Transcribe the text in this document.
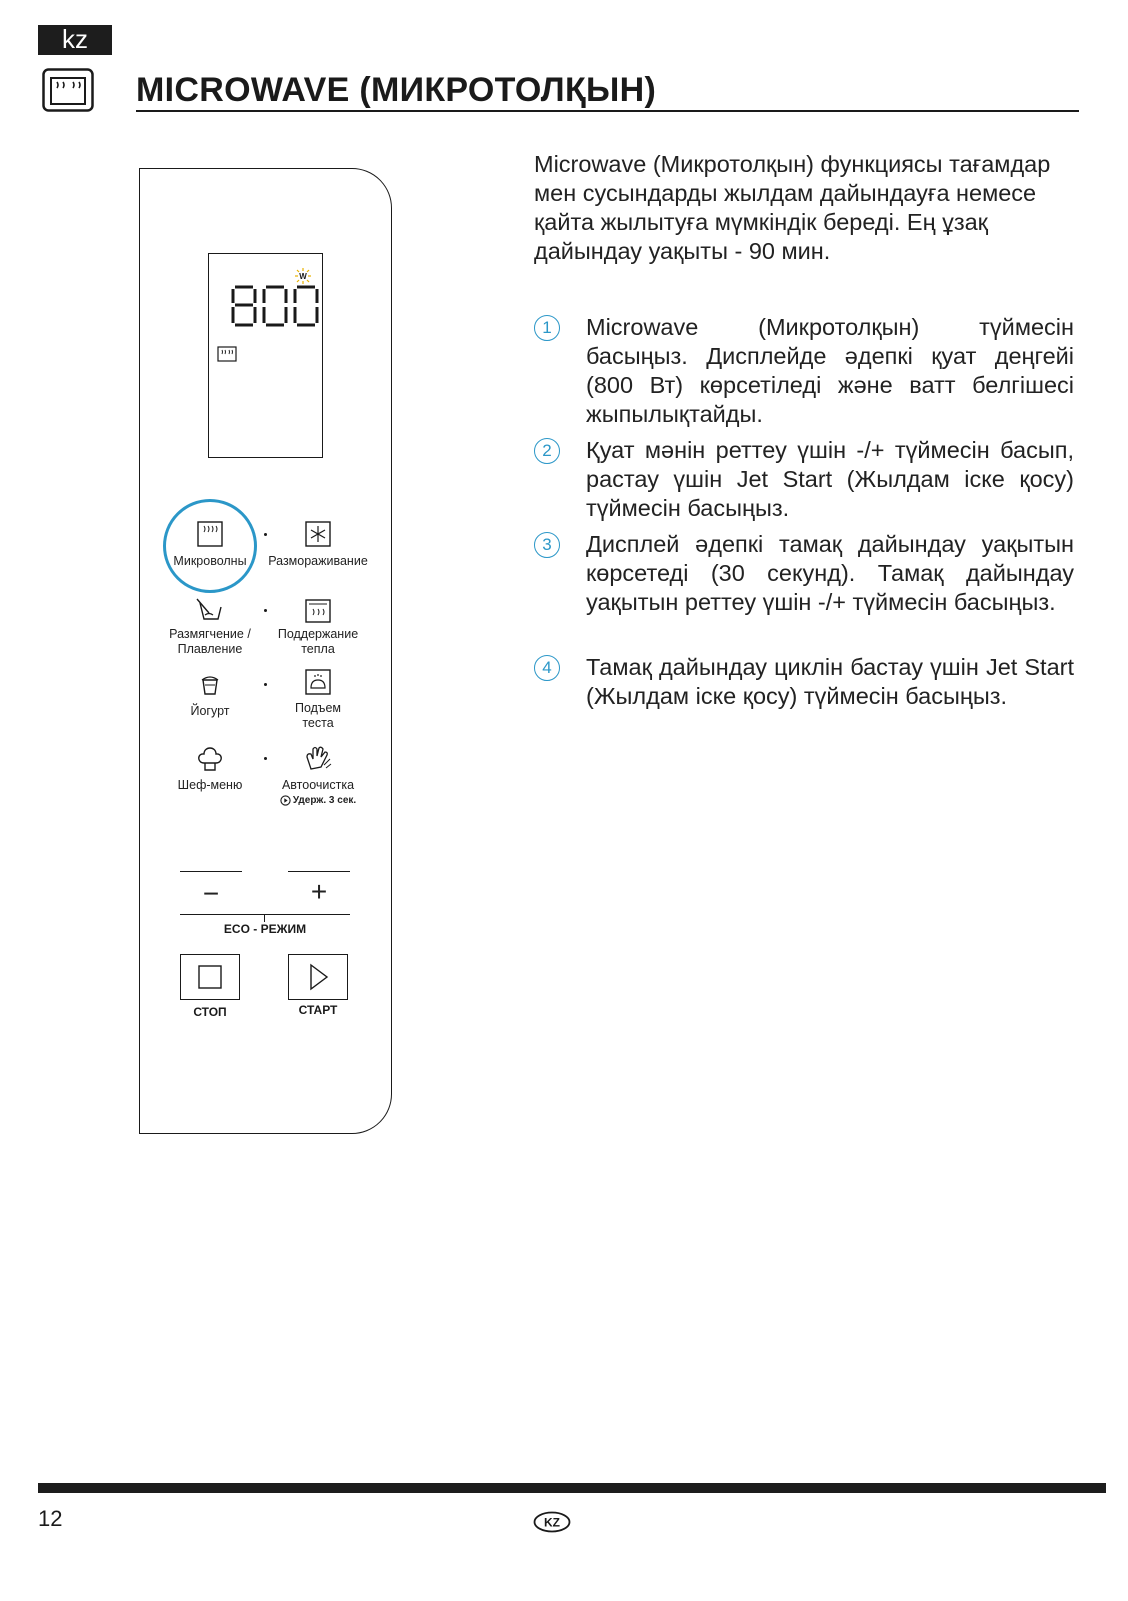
kz
MICROWAVE (МИКРОТОЛҚЫН)
W
Микроволны	Размораживание
Размягчение /
Плавление
Поддержание
тепла
Йогурт	Подъем
теста
Шеф-меню	Автоочистка
Удерж. 3 сек.
−	+
ECO - РЕЖИМ
СТОП	СТАРТ

Microwave (Микротолқын) функциясы тағамдар мен сусындарды жылдам дайындауға немесе қайта жылытуға мүмкіндік береді. Ең ұзақ дайындау уақыты - 90 мин.

1	Microwave (Микротолқын) түймесін басыңыз. Дисплейде әдепкі қуат деңгейі (800 Вт) көрсетіледі және ватт белгішесі жыпылықтайды.

2	Қуат мәнін реттеу үшін -/+ түймесін басып, растау үшін Jet Start (Жылдам іске қосу) түймесін басыңыз.

3	Дисплей әдепкі тамақ дайындау уақытын көрсетеді (30 секунд). Тамақ дайындау уақытын реттеу үшін -/+ түймесін басыңыз.

4	Тамақ дайындау циклін бастау үшін Jet Start (Жылдам іске қосу) түймесін басыңыз.

12	KZ
